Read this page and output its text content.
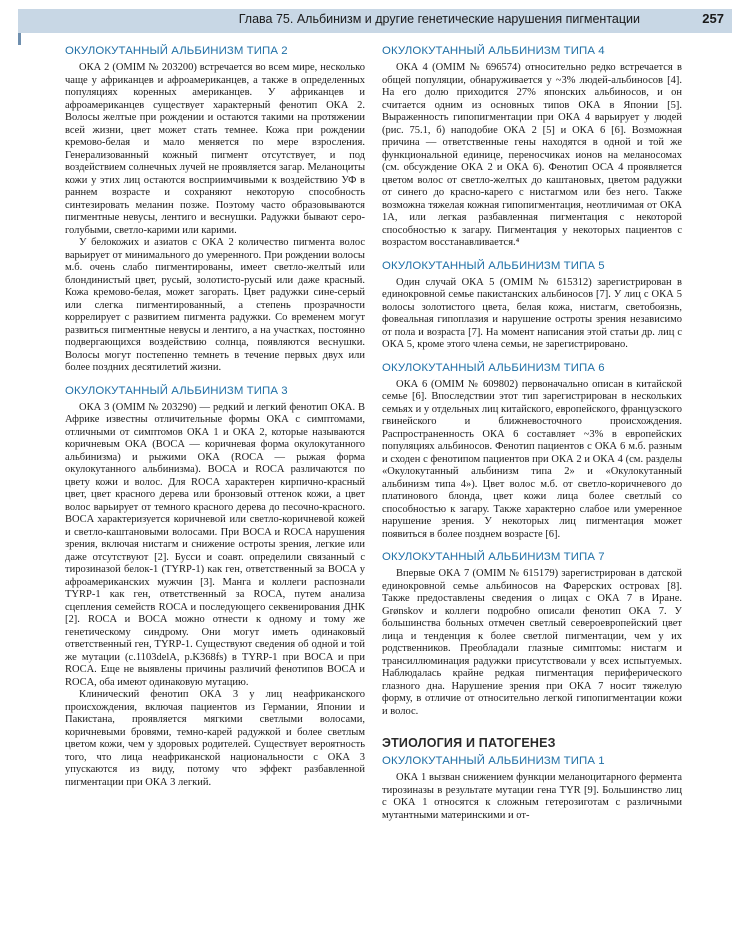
Глава 75. Альбинизм и другие генетические нарушения пигментации	257
ОКУЛОКУТАННЫЙ АЛЬБИНИЗМ ТИПА 2

ОКА 2 (OMIM № 203200) встречается во всем мире, несколько чаще у африканцев и афроамериканцев, а также в определенных популяциях коренных американцев. У африканцев и афроамериканцев существует характерный фенотип ОКА 2. Волосы желтые при рождении и остаются такими на протяжении всей жизни, цвет может стать темнее. Кожа при рождении кремово-белая и мало меняется по мере взросления. Генерализованный кожный пигмент отсутствует, и под воздействием солнечных лучей не проявляется загар. Меланоциты кожи у этих лиц остаются восприимчивыми к воздействию УФ в раннем возрасте и сохраняют некоторую способность синтезировать меланин позже. Поэтому часто образовываются пигментные невусы, лентиго и веснушки. Радужки бывают серо-голубыми, светло-карими или карими.

У белокожих и азиатов с ОКА 2 количество пигмента волос варьирует от минимального до умеренного. При рождении волосы м.б. очень слабо пигментированы, имеет светло-желтый или блондинистый цвет, русый, золотисто-русый или даже красный. Кожа кремово-белая, может загорать. Цвет радужки сине-серый или слегка пигментированный, а степень прозрачности коррелирует с развитием пигмента радужки. Со временем могут развиться пигментные невусы и лентиго, а на участках, постоянно подвергающихся воздействию солнца, появляются веснушки. Волосы могут постепенно темнеть в течение первых двух или более поздних десятилетий жизни.

ОКУЛОКУТАННЫЙ АЛЬБИНИЗМ ТИПА 3

ОКА 3 (OMIM № 203290) — редкий и легкий фенотип ОКА. В Африке известны отличительные формы ОКА с симптомами, отличными от симптомов ОКА 1 и ОКА 2, которые называются коричневым ОКА (BOCA — коричневая форма окулокутанного альбинизма) и рыжими ОКА (ROCA — рыжая форма окулокутанного альбинизма). BOCA и ROCA различаются по цвету кожи и волос. Для ROCA характерен кирпично-красный цвет, цвет красного дерева или бронзовый оттенок кожи, а цвет волос варьирует от темного красного дерева до песочно-красного. BOCA характеризуется коричневой или светло-коричневой кожей и светло-каштановыми волосами. При BOCA и ROCA нарушения зрения, включая нистагм и снижение остроты зрения, легкие или даже отсутствуют [2]. Бусси и соавт. определили связанный с тирозиназой белок-1 (TYRP-1) как ген, ответственный за BOCA у афроамериканских мужчин [3]. Манга и коллеги распознали TYRP-1 как ген, ответственный за ROCA, путем анализа сцепления семейств ROCA и последующего секвенирования ДНК [2]. ROCA и BOCA можно отнести к одному и тому же генетическому синдрому. Они могут иметь одинаковый ответственный ген, TYRP-1. Существуют сведения об одной и той же мутации (c.1103delA, p.K368fs) в TYRP-1 при BOCA и при ROCA. Еще не выявлены причины различий фенотипов BOCA и ROCA, оба имеют одинаковую мутацию.

Клинический фенотип ОКА 3 у лиц неафриканского происхождения, включая пациентов из Германии, Японии и Пакистана, проявляется мягкими светлыми волосами, коричневыми бровями, темно-карей радужкой и более светлым цветом кожи, чем у здоровых родителей. Существует вероятность того, что лица неафриканской национальности с ОКА 3 упускаются из виду, потому что эффект разбавленной пигментации при ОКА 3 легкий.

ОКУЛОКУТАННЫЙ АЛЬБИНИЗМ ТИПА 4

ОКА 4 (OMIM № 696574) относительно редко встречается в общей популяции, обнаруживается у ~3% людей-альбиносов [4]. На его долю приходится 27% японских альбиносов, и он считается одним из основных типов ОКА в Японии [5]. Выраженность гипопигментации при ОКА 4 варьирует у людей (рис. 75.1, б) наподобие ОКА 2 [5] и ОКА 6 [6]. Возможная причина — ответственные гены находятся в одной и той же функциональной единице, переносчиках ионов на меланосомах (см. обсуждение ОКА 2 и ОКА 6). Фенотип ОСА 4 проявляется цветом волос от светло-желтых до каштановых, цветом радужки от синего до красно-карего с нистагмом или без него. Также возможна тяжелая кожная гипопигментация, неотличимая от ОКА 1А, или легкая разбавленная пигментация с некоторой способностью к загару. Пигментация у некоторых пациентов с возрастом восстанавливается.⁴

ОКУЛОКУТАННЫЙ АЛЬБИНИЗМ ТИПА 5

Один случай ОКА 5 (OMIM № 615312) зарегистрирован в единокровной семье пакистанских альбиносов [7]. У лиц с ОКА 5 волосы золотистого цвета, белая кожа, нистагм, светобоязнь, фовеальная гипоплазия и нарушение остроты зрения независимо от пола и возраста [7]. На момент написания этой статьи др. лиц с ОКА 5, кроме этого члена семьи, не зарегистрировано.

ОКУЛОКУТАННЫЙ АЛЬБИНИЗМ ТИПА 6

ОКА 6 (OMIM № 609802) первоначально описан в китайской семье [6]. Впоследствии этот тип зарегистрирован в нескольких семьях и у отдельных лиц китайского, европейского, французского гвинейского и ближневосточного происхождения. Распространенность ОКА 6 составляет ~3% в европейских популяциях альбиносов. Фенотип пациентов с ОКА 6 м.б. разным и сходен с фенотипом пациентов при ОКА 2 и ОКА 4 (см. разделы «Окулокутанный альбинизм типа 2» и «Окулокутанный альбинизм типа 4»). Цвет волос м.б. от светло-коричневого до платинового блонда, цвет кожи лица более светлый со способностью к загару. Также характерно слабое или умеренное нарушение зрения. У некоторых лиц пигментация может появиться в более позднем возрасте [6].

ОКУЛОКУТАННЫЙ АЛЬБИНИЗМ ТИПА 7

Впервые ОКА 7 (OMIM № 615179) зарегистрирован в датской единокровной семье альбиносов на Фарерских островах [8]. Также предоставлены сведения о лицах с ОКА 7 в Иране. Grønskov и коллеги подробно описали фенотип ОКА 7. У большинства больных отмечен светлый североевропейский цвет лица и тенденция к более светлой пигментации, чем у их родственников. Преобладали глазные симптомы: нистагм и трансиллюминация радужки присутствовали у всех испытуемых. Наблюдалась крайне редкая пигментация периферического глазного дна. Нарушение зрения при ОКА 7 носит тяжелую форму, в отличие от относительно легкой гипопигментации кожи и волос.

ЭТИОЛОГИЯ И ПАТОГЕНЕЗ
ОКУЛОКУТАННЫЙ АЛЬБИНИЗМ ТИПА 1

ОКА 1 вызван снижением функции меланоцитарного фермента тирозиназы в результате мутации гена TYR [9]. Большинство лиц с ОКА 1 относятся к сложным гетерозиготам с различными мутантными материнскими и от-
